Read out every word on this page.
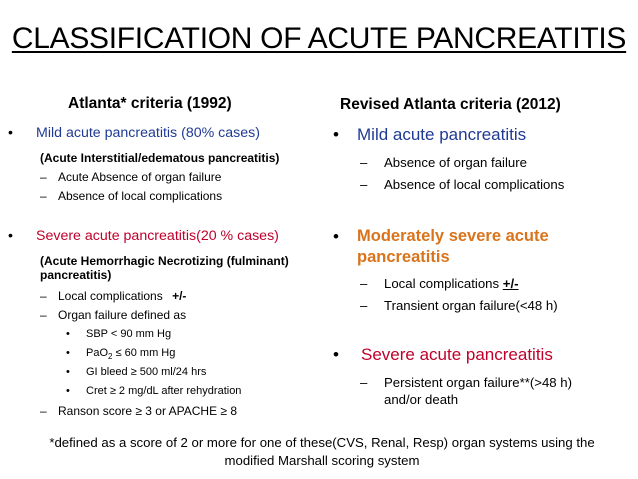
CLASSIFICATION OF ACUTE PANCREATITIS
Atlanta* criteria (1992)
• Mild acute pancreatitis (80% cases)
(Acute Interstitial/edematous pancreatitis)
– Acute Absence of organ failure
– Absence of local complications
• Severe acute pancreatitis(20 % cases)
(Acute Hemorrhagic Necrotizing (fulminant)
pancreatitis)
– Local complications +/-
– Organ failure defined as
• SBP < 90 mm Hg
• PaO$_2$ ≤ 60 mm Hg
• GI bleed ≥ 500 ml/24 hrs
• Cret ≥ 2 mg/dL after rehydration
– Ranson score ≥ 3 or APACHE ≥ 8
Revised Atlanta criteria (2012)
• Mild acute pancreatitis
– Absence of organ failure
– Absence of local complications
• Moderately severe acute
pancreatitis
– Local complications +/-
– Transient organ failure(<48 h)
• Severe acute pancreatitis
– Persistent organ failure**(>48 h)
and/or death
*defined as a score of 2 or more for one of these(CVS, Renal, Resp) organ systems using the
modified Marshall scoring system
